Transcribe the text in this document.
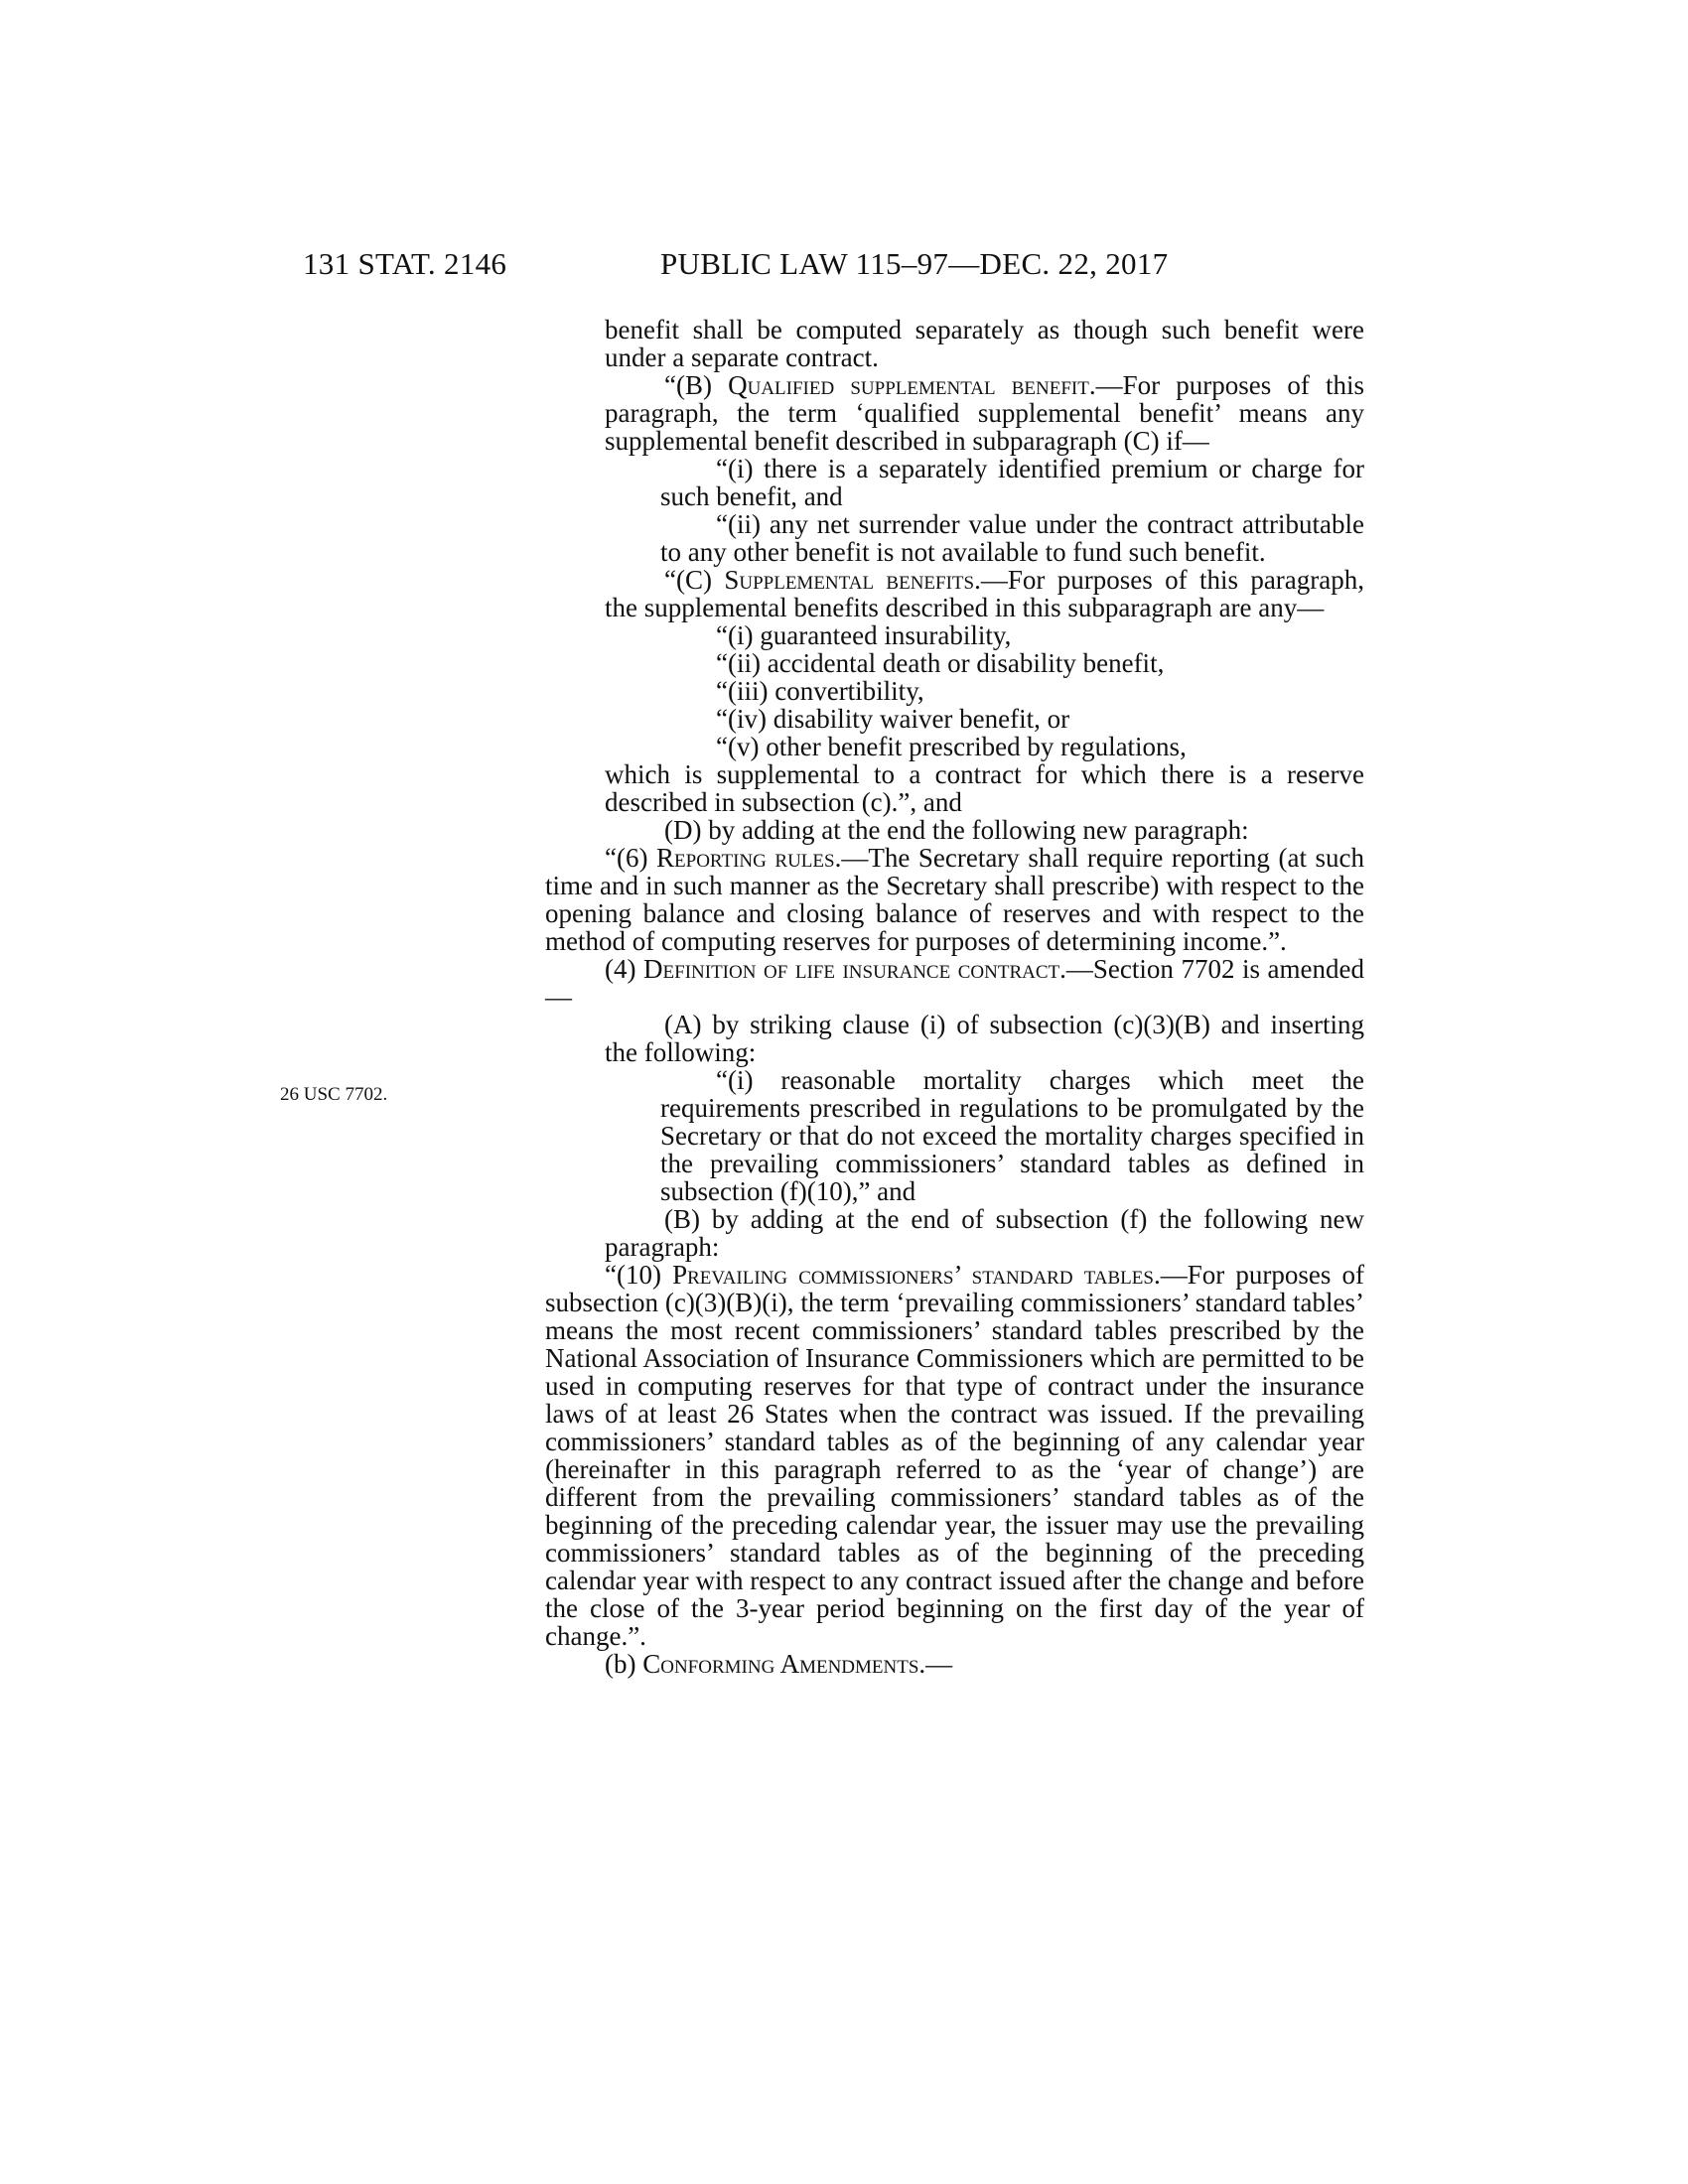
131 STAT. 2146	PUBLIC LAW 115–97—DEC. 22, 2017
26 USC 7702.

benefit shall be computed separately as though such benefit were under a separate contract.

“(B) Qualified supplemental benefit.—For purposes of this paragraph, the term ‘qualified supplemental benefit’ means any supplemental benefit described in subparagraph (C) if—

“(i) there is a separately identified premium or charge for such benefit, and

“(ii) any net surrender value under the contract attributable to any other benefit is not available to fund such benefit.

“(C) Supplemental benefits.—For purposes of this paragraph, the supplemental benefits described in this subparagraph are any—

“(i) guaranteed insurability,

“(ii) accidental death or disability benefit,

“(iii) convertibility,

“(iv) disability waiver benefit, or

“(v) other benefit prescribed by regulations,

which is supplemental to a contract for which there is a reserve described in subsection (c).”, and

(D) by adding at the end the following new paragraph:

“(6) Reporting rules.—The Secretary shall require reporting (at such time and in such manner as the Secretary shall prescribe) with respect to the opening balance and closing balance of reserves and with respect to the method of computing reserves for purposes of determining income.”.

(4) Definition of life insurance contract.—Section 7702 is amended—

(A) by striking clause (i) of subsection (c)(3)(B) and inserting the following:

“(i) reasonable mortality charges which meet the requirements prescribed in regulations to be promulgated by the Secretary or that do not exceed the mortality charges specified in the prevailing commissioners’ standard tables as defined in subsection (f)(10),” and

(B) by adding at the end of subsection (f) the following new paragraph:

“(10) Prevailing commissioners’ standard tables.—For purposes of subsection (c)(3)(B)(i), the term ‘prevailing commissioners’ standard tables’ means the most recent commissioners’ standard tables prescribed by the National Association of Insurance Commissioners which are permitted to be used in computing reserves for that type of contract under the insurance laws of at least 26 States when the contract was issued. If the prevailing commissioners’ standard tables as of the beginning of any calendar year (hereinafter in this paragraph referred to as the ‘year of change’) are different from the prevailing commissioners’ standard tables as of the beginning of the preceding calendar year, the issuer may use the prevailing commissioners’ standard tables as of the beginning of the preceding calendar year with respect to any contract issued after the change and before the close of the 3-year period beginning on the first day of the year of change.”.

(b) Conforming Amendments.—
